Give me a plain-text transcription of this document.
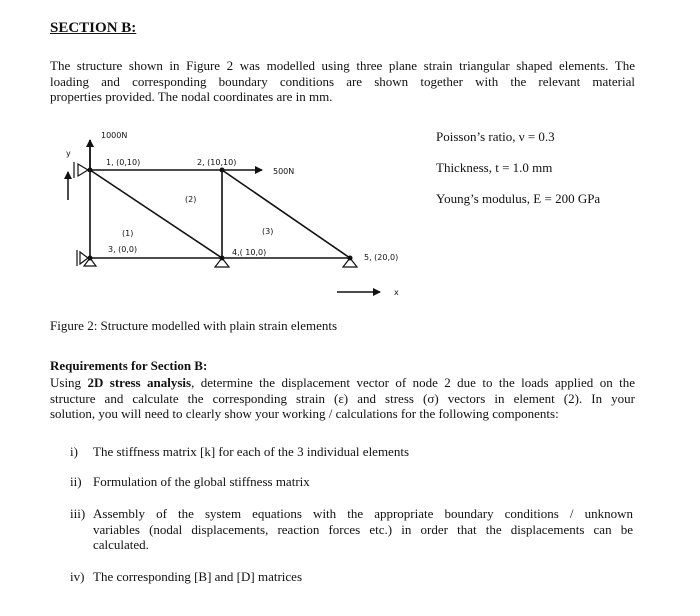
SECTION B:
The structure shown in Figure 2 was modelled using three plane strain triangular shaped elements. The
loading and corresponding boundary conditions are shown together with the relevant material
properties provided. The nodal coordinates are in mm.
1000N
y
500N
1, (0,10)	2, (10,10)
3, (0,0)	4,( 10,0)
5, (20,0)
(1)
(2)
(3)
x
Poisson’s ratio, ν = 0.3
Thickness, t = 1.0 mm
Young’s modulus, E = 200 GPa
Figure 2: Structure modelled with plain strain elements
Requirements for Section B:
Using 2D stress analysis, determine the displacement vector of node 2 due to the loads applied on the
structure and calculate the corresponding strain (ε) and stress (σ) vectors in element (2). In your
solution, you will need to clearly show your working / calculations for the following components:
i) The stiffness matrix [k] for each of the 3 individual elements
ii) Formulation of the global stiffness matrix
iii) Assembly of the system equations with the appropriate boundary conditions / unknown
variables (nodal displacements, reaction forces etc.) in order that the displacements can be
calculated.
iv) The corresponding [B] and [D] matrices
